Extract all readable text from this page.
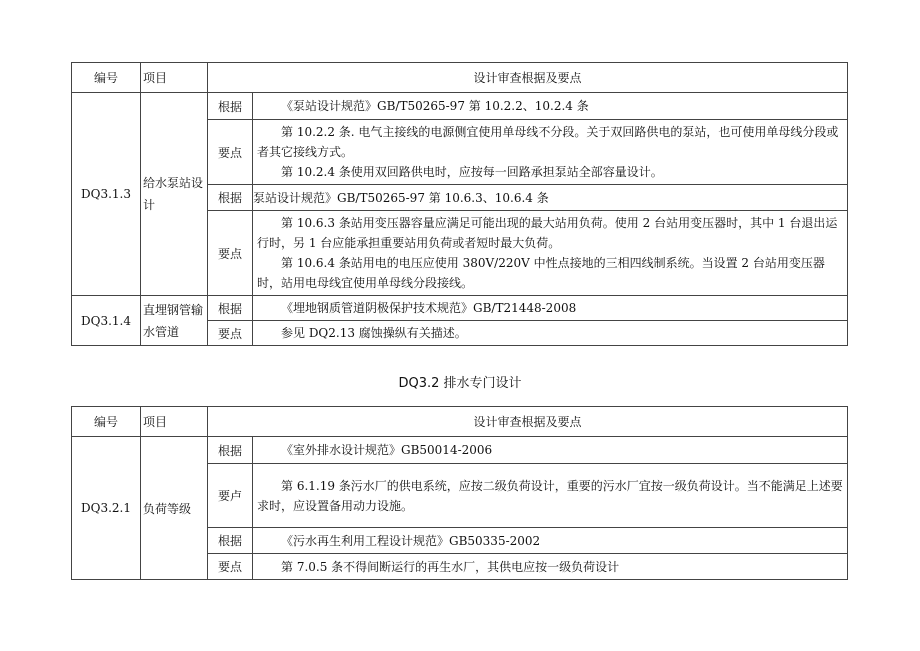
编号	项目	设计审查根据及要点	
DQ3.1.3	给水泵站设计	根据	《泵站设计规范》GB/T50265-97 第 10.2.2、10.2.4 条

		要点	第 10.2.2 条. 电气主接线的电源侧宜使用单母线不分段。关于双回路供电的泵站，也可使用单母线分段或者其它接线方式。

第 10.2.4 条使用双回路供电时，应按每一回路承担泵站全部容量设计。

		根据	泵站设计规范》GB/T50265-97 第 10.6.3、10.6.4 条

		要点	第 10.6.3 条站用变压器容量应满足可能出现的最大站用负荷。使用 2 台站用变压器时，其中 1 台退出运行时，另 1 台应能承担重要站用负荷或者短时最大负荷。

第 10.6.4 条站用电的电压应使用 380V/220V 中性点接地的三相四线制系统。当设置 2 台站用变压器时，站用电母线宜使用单母线分段接线。

DQ3.1.4	直埋钢管输水管道	根据	《埋地钢质管道阴极保护技术规范》GB/T21448-2008

		要点	参见 DQ2.13 腐蚀操纵有关描述。

DQ3.2 排水专门设计
编号	项目	设计审查根据及要点	
DQ3.2.1	负荷等级	根据	《室外排水设计规范》GB50014-2006

		要卢	第 6.1.19 条污水厂的供电系统，应按二级负荷设计，重要的污水厂宜按一级负荷设计。当不能满足上述要求时，应设置备用动力设施。

		根据	《污水再生利用工程设计规范》GB50335-2002

		要点	第 7.0.5 条不得间断运行的再生水厂，其供电应按一级负荷设计
